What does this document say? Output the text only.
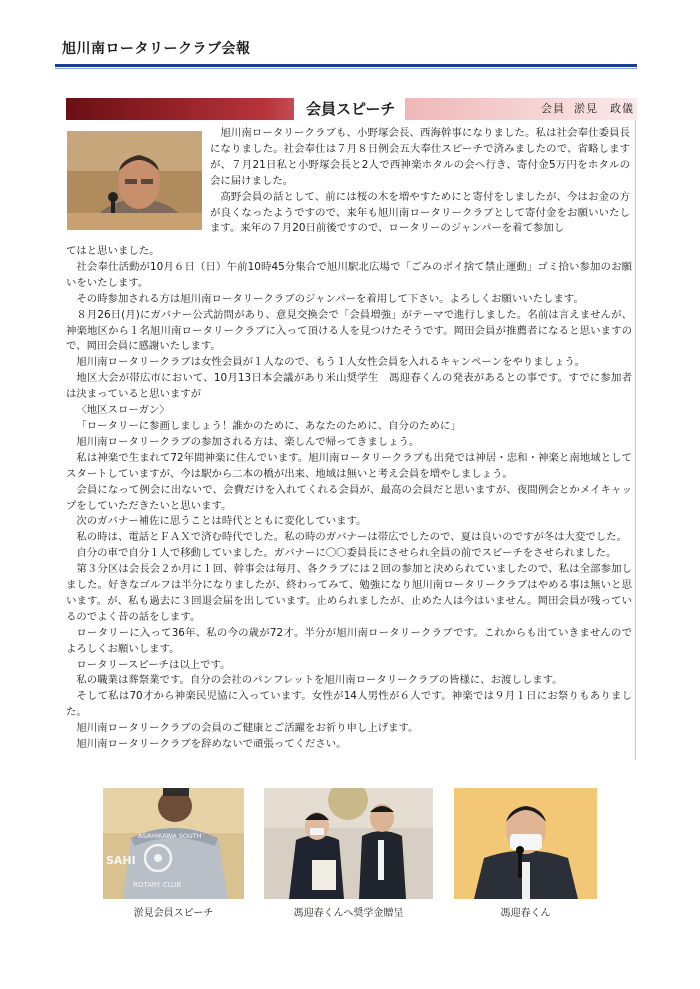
旭川南ロータリークラブ会報
会員スピーチ	会員 淤見　政儀

旭川南ロータリークラブも、小野塚会長、西海幹事になりました。私は社会奉仕委員長になりました。社会奉仕は７月８日例会五大奉仕スピーチで済みましたので、省略しますが、７月21日私と小野塚会長と2人で西神楽ホタルの会へ行き、寄付金5万円をホタルの会に届けました。

高野会員の話として、前には桜の木を増やすためにと寄付をしましたが、今はお金の方が良くなったようですので、来年も旭川南ロータリークラブとして寄付金をお願いいたします。来年の７月20日前後ですので、ロータリーのジャンパーを着て参加し

てはと思いました。

社会奉仕活動が10月６日（日）午前10時45分集合で旭川駅北広場で「ごみのポイ捨て禁止運動」ゴミ拾い参加のお願いをいたします。

その時参加される方は旭川南ロータリークラブのジャンパーを着用して下さい。よろしくお願いいたします。

８月26日(月)にガバナー公式訪問があり、意見交換会で「会員増強」がテーマで進行しました。名前は言えませんが、神楽地区から１名旭川南ロータリークラブに入って頂ける人を見つけたそうです。岡田会員が推薦者になると思いますので、岡田会員に感謝いたします。

旭川南ロータリークラブは女性会員が１人なので、もう１人女性会員を入れるキャンペーンをやりましょう。

地区大会が帯広市において、10月13日本会議があり米山奨学生　馮迎春くんの発表があるとの事です。すでに参加者は決まっていると思いますが

〈地区スローガン〉

「ロータリーに参画しましょう！誰かのために、あなたのために、自分のために」

旭川南ロータリークラブの参加される方は、楽しんで帰ってきましょう。

私は神楽で生まれて72年間神楽に住んでいます。旭川南ロータリークラブも出発では神居・忠和・神楽と南地域としてスタートしていますが、今は駅から二本の橋が出来、地域は無いと考え会員を増やしましょう。

会員になって例会に出ないで、会費だけを入れてくれる会員が、最高の会員だと思いますが、夜間例会とかメイキャップをしていただきたいと思います。

次のガバナー補佐に思うことは時代とともに変化しています。

私の時は、電話とＦＡＸで済む時代でした。私の時のガバナーは帯広でしたので、夏は良いのですが冬は大変でした。

自分の車で自分１人で移動していました。ガバナーに〇〇委員長にさせられ全員の前でスピーチをさせられました。

第３分区は会長会２か月に１回、幹事会は毎月、各クラブには２回の参加と決められていましたので、私は全部参加しました。好きなゴルフは半分になりましたが、終わってみて、勉強になり旭川南ロータリークラブはやめる事は無いと思います。が、私も過去に３回退会届を出しています。止められましたが、止めた人は今はいません。岡田会員が残っているのでよく昔の話をします。

ロータリーに入って36年、私の今の歳が72才。半分が旭川南ロータリークラブです。これからも出ていきませんのでよろしくお願いします。

ロータリースピーチは以上です。

私の職業は葬祭業です。自分の会社のパンフレットを旭川南ロータリークラブの皆様に、お渡しします。

そして私は70才から神楽民児協に入っています。女性が14人男性が６人です。神楽では９月１日にお祭りもありました。

旭川南ロータリークラブの会員のご健康とご活躍をお祈り申し上げます。

旭川南ロータリークラブを辞めないで頑張ってください。

ASAHIKAWA SOUTH
SAHI
ROTARY CLUB
淤見会員スピーチ	馮迎春くんへ奨学金贈呈	馮迎春くん
